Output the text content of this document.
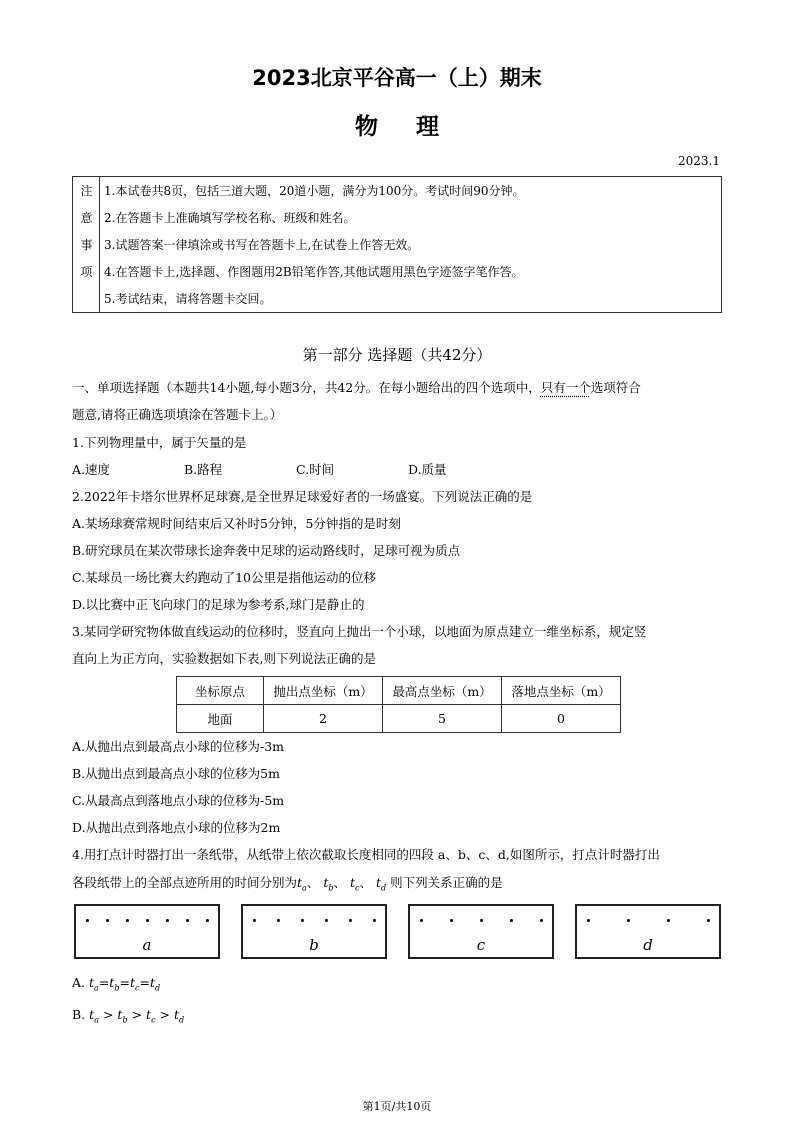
2023北京平谷高一（上）期末
物理
2023.1
注
意
事
项
1.本试卷共8页，包括三道大题，20道小题，满分为100分。考试时间90分钟。
2.在答题卡上准确填写学校名称、班级和姓名。
3.试题答案一律填涂或书写在答题卡上,在试卷上作答无效。
4.在答题卡上,选择题、作图题用2B铅笔作答,其他试题用黑色字迹签字笔作答。
5.考试结束，请将答题卡交回。
第一部分 选择题（共42分）
一、单项选择题（本题共14小题,每小题3分，共42分。在每小题给出的四个选项中，只有一个选项符合
题意,请将正确选项填涂在答题卡上。）
1.下列物理量中，属于矢量的是
A.速度	B.路程	C.时间	D.质量
2.2022年卡塔尔世界杯足球赛,是全世界足球爱好者的一场盛宴。下列说法正确的是
A.某场球赛常规时间结束后又补时5分钟，5分钟指的是时刻
B.研究球员在某次带球长途奔袭中足球的运动路线时，足球可视为质点
C.某球员一场比赛大约跑动了10公里是指他运动的位移
D.以比赛中正飞向球门的足球为参考系,球门是静止的
3.某同学研究物体做直线运动的位移时，竖直向上抛出一个小球，以地面为原点建立一维坐标系，规定竖
直向上为正方向，实验数据如下表,则下列说法正确的是
坐标原点	抛出点坐标（m）	最高点坐标（m）	落地点坐标（m）
地面	2	5	0
A.从抛出点到最高点小球的位移为-3m
B.从抛出点到最高点小球的位移为5m
C.从最高点到落地点小球的位移为-5m
D.从抛出点到落地点小球的位移为2m
4.用打点计时器打出一条纸带，从纸带上依次截取长度相同的四段 a、b、c、d,如图所示，打点计时器打出
各段纸带上的全部点迹所用的时间分别为$t_a$、 $t_b$、 $t_c$、 $t_d$ 则下列关系正确的是
a	b	c	d
A. $t_a=t_b=t_c=t_d$
B. $t_a > t_b > t_c > t_d$
第1页/共10页
